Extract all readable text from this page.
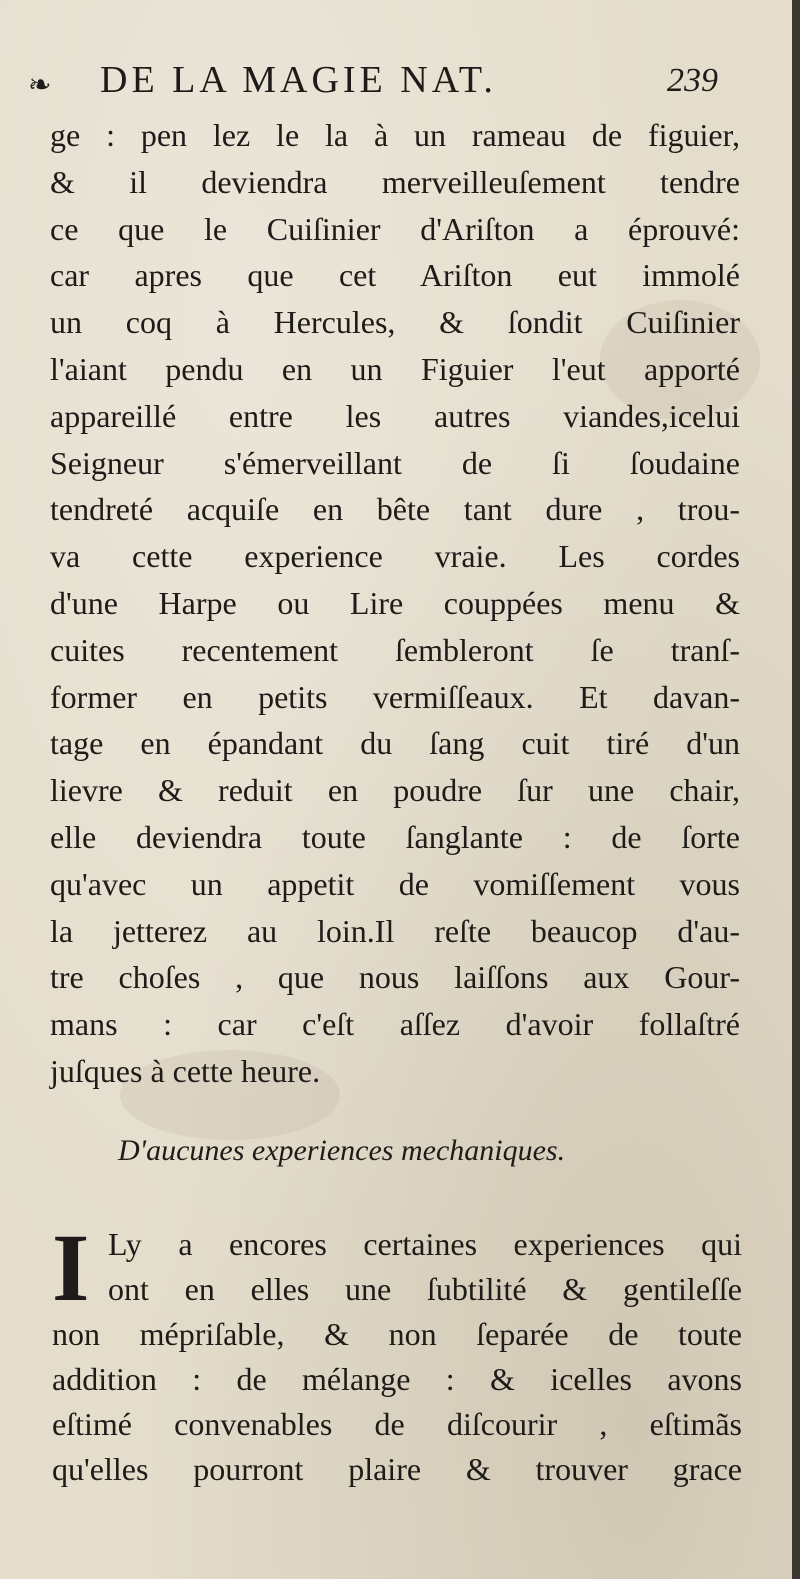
❧ DE LA MAGIE NAT.	239
ge : pen lez le la à un rameau de figuier,
& il deviendra merveilleuſement tendre
ce que le Cuiſinier d'Ariſton a éprouvé:
car apres que cet Ariſton eut immolé
un coq à Hercules, & ſondit Cuiſinier
l'aiant pendu en un Figuier l'eut apporté
appareillé entre les autres viandes,icelui
Seigneur s'émerveillant de ſi ſoudaine
tendreté acquiſe en bête tant dure , trou-
va cette experience vraie. Les cordes
d'une Harpe ou Lire couppées menu &
cuites recentement ſembleront ſe tranſ-
former en petits vermiſſeaux. Et davan-
tage en épandant du ſang cuit tiré d'un
lievre & reduit en poudre ſur une chair,
elle deviendra toute ſanglante : de ſorte
qu'avec un appetit de vomiſſement vous
la jetterez au loin.Il reſte beaucop d'au-
tre choſes , que nous laiſſons aux Gour-
mans : car c'eſt aſſez d'avoir follaſtré
juſques à cette heure.
D'aucunes experiences mechaniques.
I Ly a encores certaines experiences qui
ont en elles une ſubtilité & gentileſſe
non mépriſable, & non ſeparée de toute
addition : de mélange : & icelles avons
eſtimé convenables de diſcourir , eſtimãs
qu'elles pourront plaire & trouver grace
